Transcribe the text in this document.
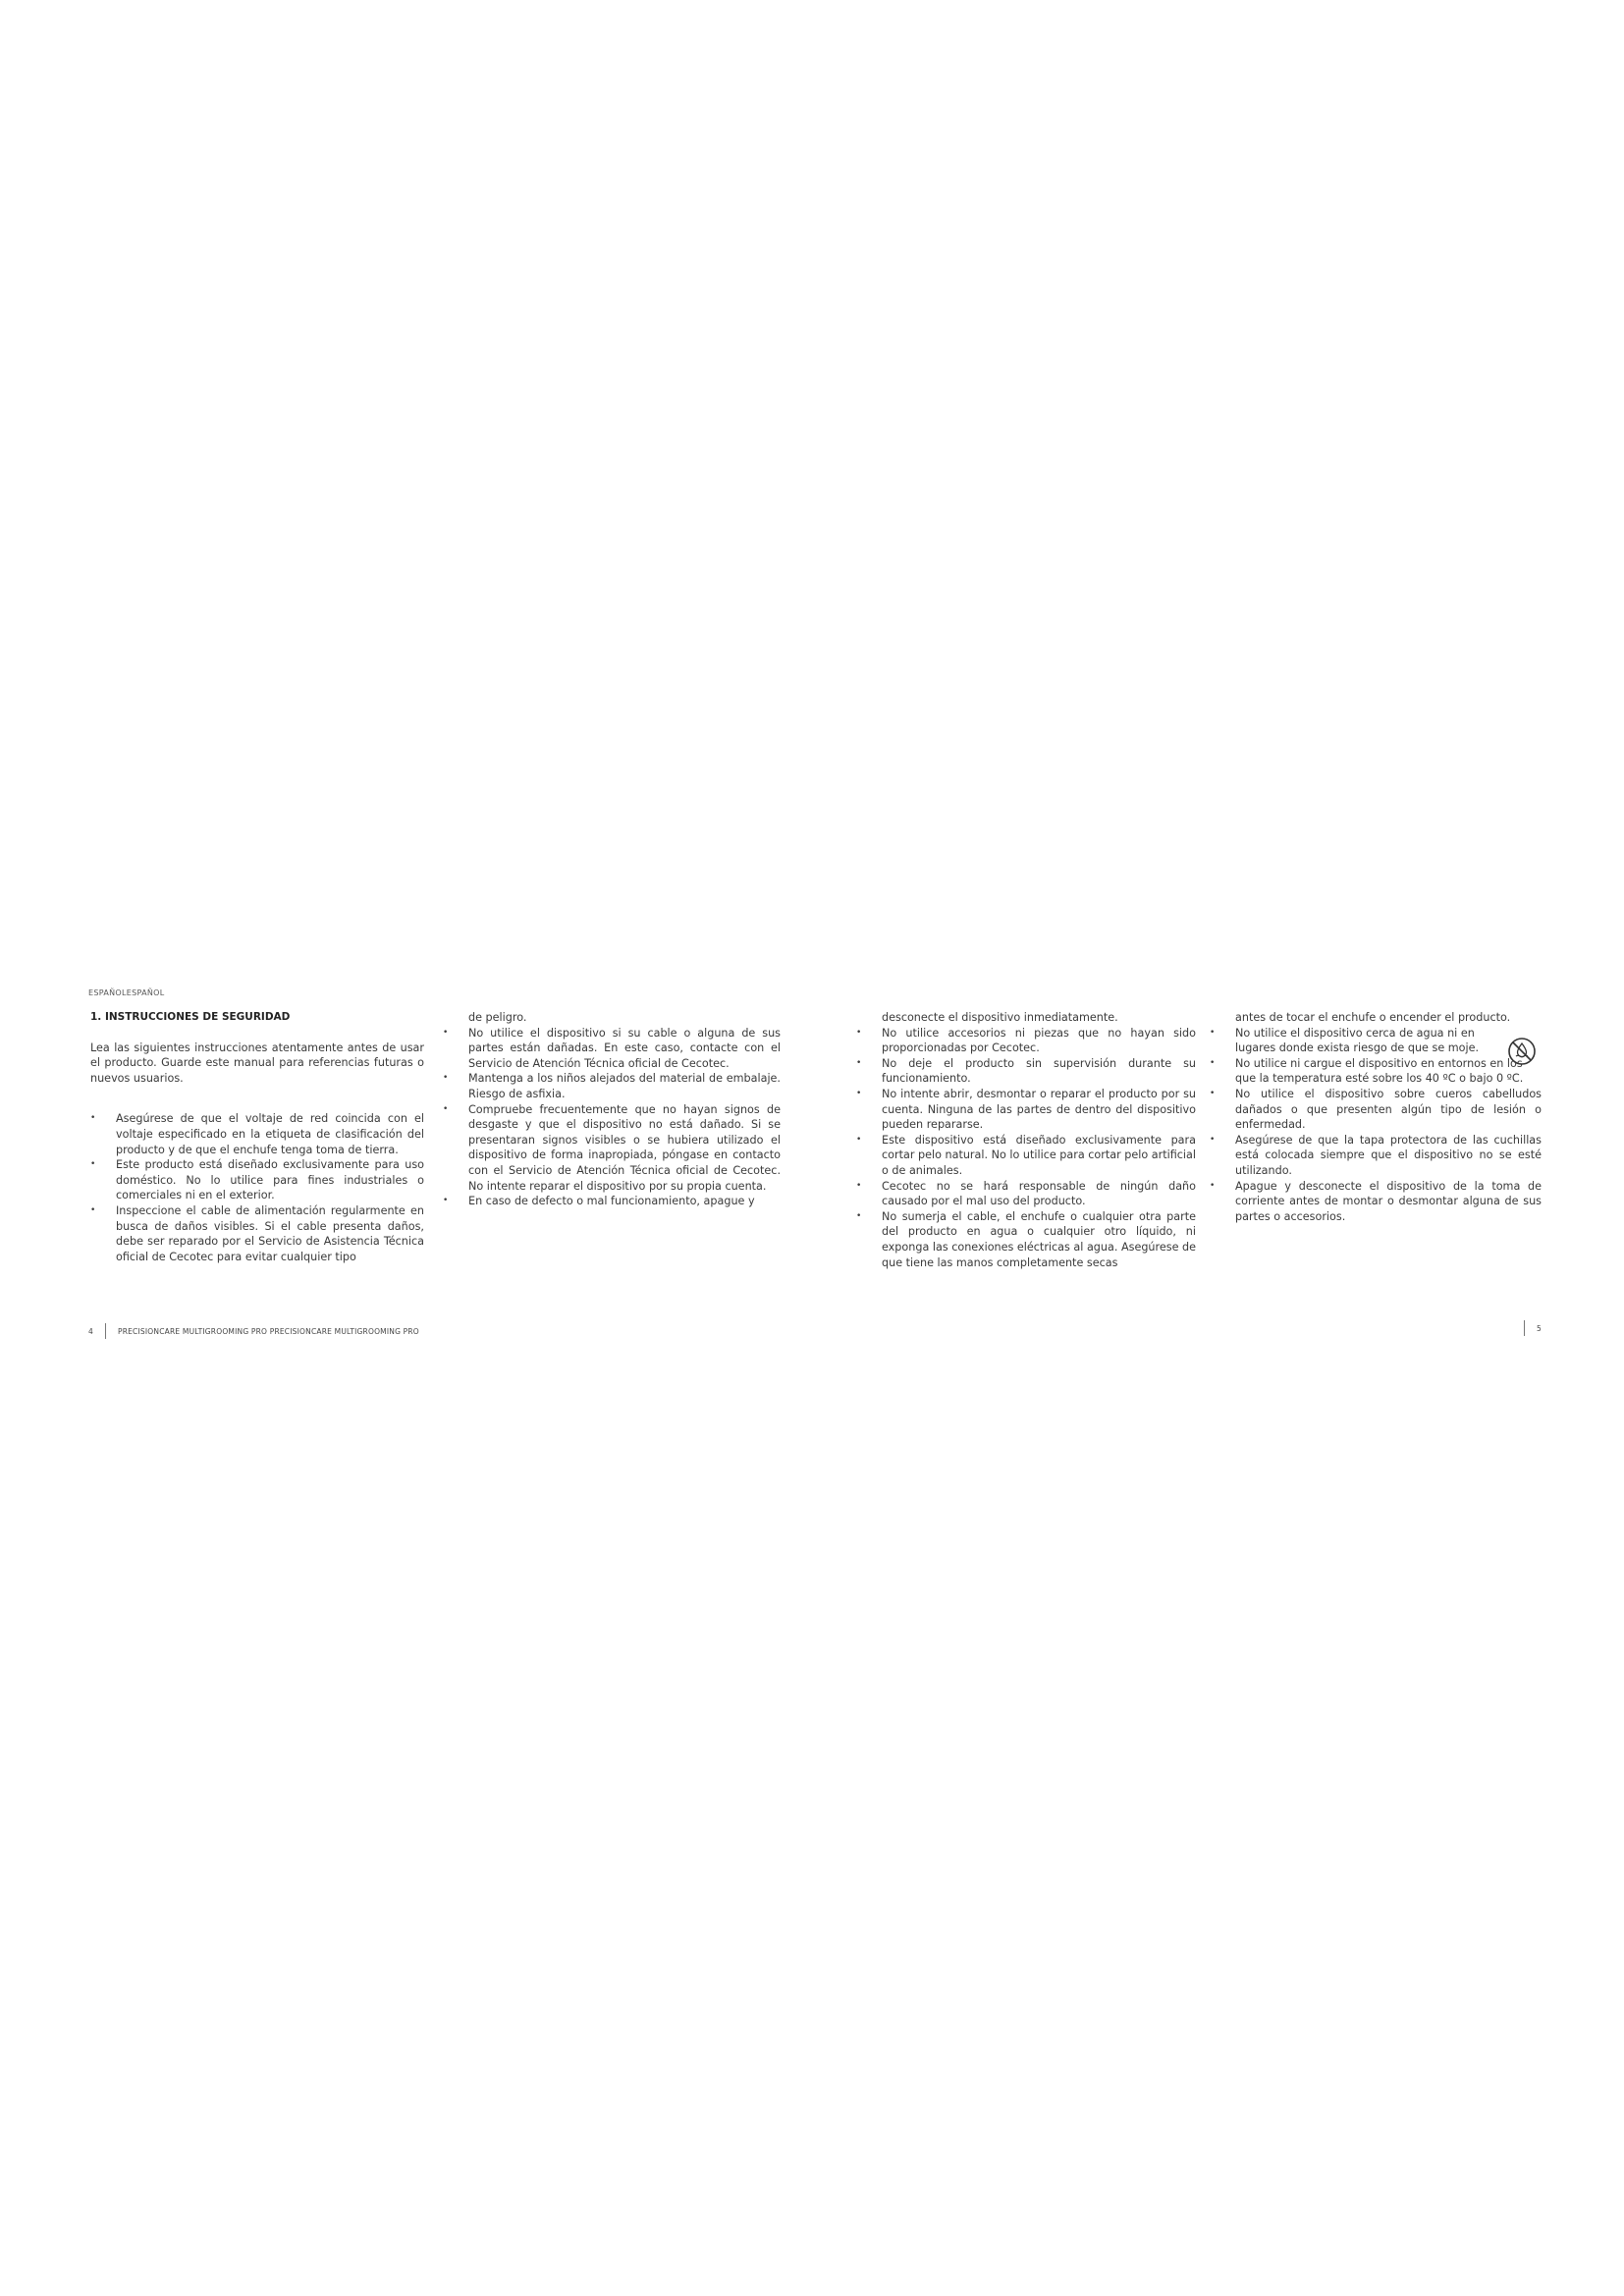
ESPAÑOLESPAÑOL

1. INSTRUCCIONES DE SEGURIDAD

Lea las siguientes instrucciones atentamente antes de usar el producto. Guarde este manual para referencias futuras o nuevos usuarios.

• Asegúrese de que el voltaje de red coincida con el voltaje especificado en la etiqueta de clasificación del producto y de que el enchufe tenga toma de tierra.

• Este producto está diseñado exclusivamente para uso doméstico. No lo utilice para fines industriales o comerciales ni en el exterior.

• Inspeccione el cable de alimentación regularmente en busca de daños visibles. Si el cable presenta daños, debe ser reparado por el Servicio de Asistencia Técnica oficial de Cecotec para evitar cualquier tipo

de peligro.

• No utilice el dispositivo si su cable o alguna de sus partes están dañadas. En este caso, contacte con el Servicio de Atención Técnica oficial de Cecotec.

• Mantenga a los niños alejados del material de embalaje. Riesgo de asfixia.

• Compruebe frecuentemente que no hayan signos de desgaste y que el dispositivo no está dañado. Si se presentaran signos visibles o se hubiera utilizado el dispositivo de forma inapropiada, póngase en contacto con el Servicio de Atención Técnica oficial de Cecotec. No intente reparar el dispositivo por su propia cuenta.

• En caso de defecto o mal funcionamiento, apague y

desconecte el dispositivo inmediatamente.

• No utilice accesorios ni piezas que no hayan sido proporcionadas por Cecotec.

• No deje el producto sin supervisión durante su funcionamiento.

• No intente abrir, desmontar o reparar el producto por su cuenta. Ninguna de las partes de dentro del dispositivo pueden repararse.

• Este dispositivo está diseñado exclusivamente para cortar pelo natural. No lo utilice para cortar pelo artificial o de animales.

• Cecotec no se hará responsable de ningún daño causado por el mal uso del producto.

• No sumerja el cable, el enchufe o cualquier otra parte del producto en agua o cualquier otro líquido, ni exponga las conexiones eléctricas al agua. Asegúrese de que tiene las manos completamente secas

antes de tocar el enchufe o encender el producto.

• No utilice el dispositivo cerca de agua ni en lugares donde exista riesgo de que se moje.

• No utilice ni cargue el dispositivo en entornos en los que la temperatura esté sobre los 40 ºC o bajo 0 ºC.

• No utilice el dispositivo sobre cueros cabelludos dañados o que presenten algún tipo de lesión o enfermedad.

• Asegúrese de que la tapa protectora de las cuchillas está colocada siempre que el dispositivo no se esté utilizando.

• Apague y desconecte el dispositivo de la toma de corriente antes de montar o desmontar alguna de sus partes o accesorios.

4	PRECISIONCARE MULTIGROOMING PRO PRECISIONCARE MULTIGROOMING PRO	5
